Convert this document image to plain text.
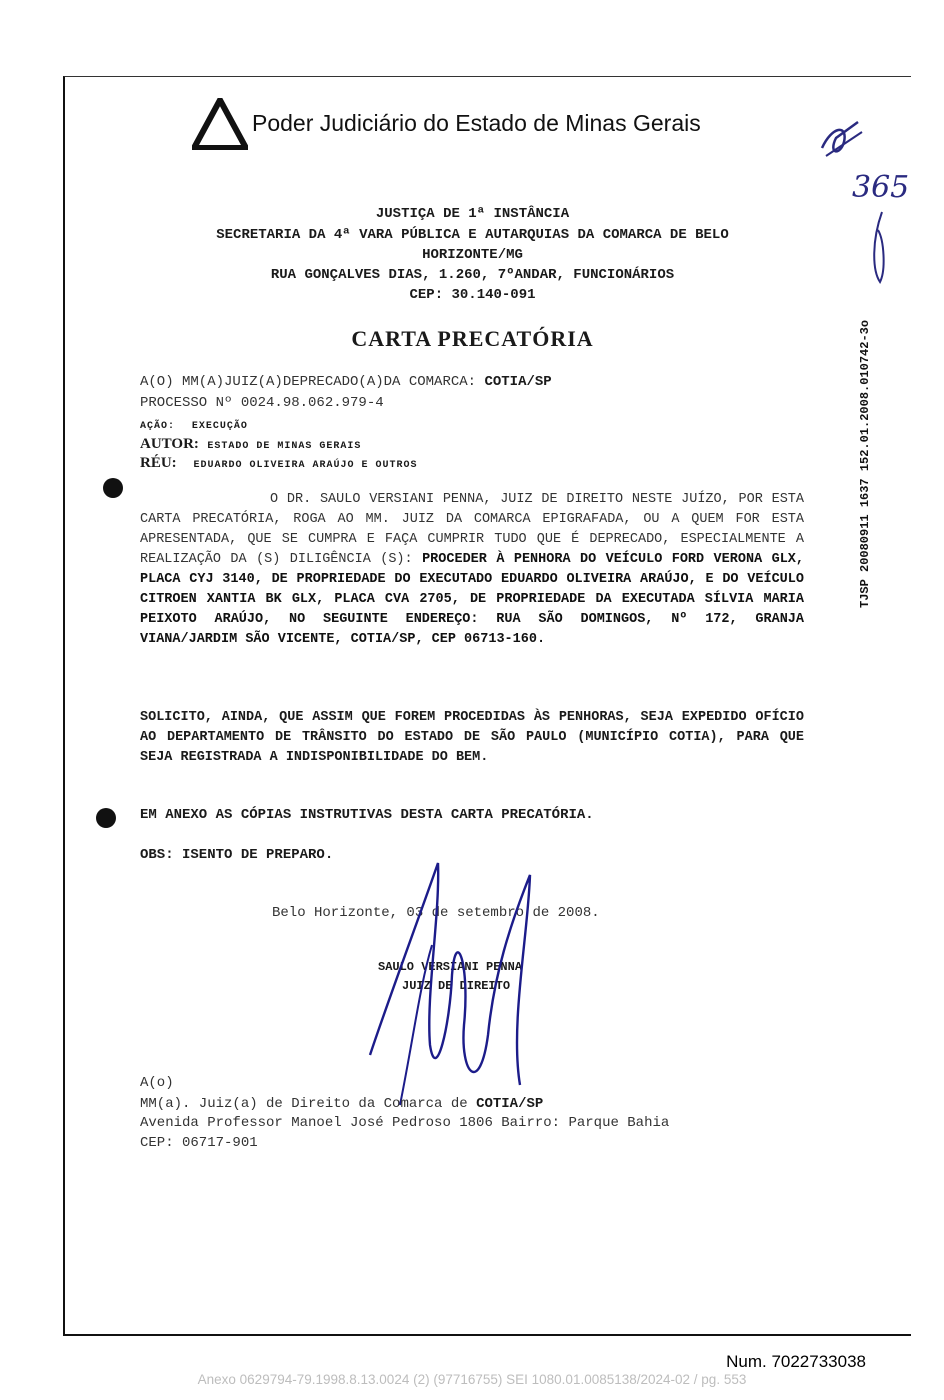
Poder Judiciário do Estado de Minas Gerais
365
JUSTIÇA DE 1ª INSTÂNCIA
SECRETARIA DA 4ª VARA PÚBLICA E AUTARQUIAS DA COMARCA DE BELO
HORIZONTE/MG
RUA GONÇALVES DIAS, 1.260, 7ºANDAR, FUNCIONÁRIOS
CEP: 30.140-091
CARTA PRECATÓRIA
A(O) MM(A)JUIZ(A)DEPRECADO(A)DA COMARCA: COTIA/SP
PROCESSO Nº 0024.98.062.979-4
AÇÃO: EXECUÇÃO
AUTOR: ESTADO DE MINAS GERAIS
RÉU: EDUARDO OLIVEIRA ARAÚJO E OUTROS
O DR. SAULO VERSIANI PENNA, JUIZ DE DIREITO NESTE JUÍZO, POR ESTA CARTA PRECATÓRIA, ROGA AO MM. JUIZ DA COMARCA EPIGRAFADA, OU A QUEM FOR ESTA APRESENTADA, QUE SE CUMPRA E FAÇA CUMPRIR TUDO QUE É DEPRECADO, ESPECIALMENTE A REALIZAÇÃO DA (S) DILIGÊNCIA (S): PROCEDER À PENHORA DO VEÍCULO FORD VERONA GLX, PLACA CYJ 3140, DE PROPRIEDADE DO EXECUTADO EDUARDO OLIVEIRA ARAÚJO, E DO VEÍCULO CITROEN XANTIA BK GLX, PLACA CVA 2705, DE PROPRIEDADE DA EXECUTADA SÍLVIA MARIA PEIXOTO ARAÚJO, NO SEGUINTE ENDEREÇO: RUA SÃO DOMINGOS, Nº 172, GRANJA VIANA/JARDIM SÃO VICENTE, COTIA/SP, CEP 06713-160.
SOLICITO, AINDA, QUE ASSIM QUE FOREM PROCEDIDAS ÀS PENHORAS, SEJA EXPEDIDO OFÍCIO AO DEPARTAMENTO DE TRÂNSITO DO ESTADO DE SÃO PAULO (MUNICÍPIO COTIA), PARA QUE SEJA REGISTRADA A INDISPONIBILIDADE DO BEM.
EM ANEXO AS CÓPIAS INSTRUTIVAS DESTA CARTA PRECATÓRIA.
OBS: ISENTO DE PREPARO.
Belo Horizonte, 03 de setembro de 2008.
SAULO VERSIANI PENNA
JUIZ DE DIREITO
A(o)
MM(a). Juiz(a) de Direito da Comarca de COTIA/SP
Avenida Professor Manoel José Pedroso 1806 Bairro: Parque Bahia
CEP: 06717-901
TJSP 20080911 1637 152.01.2008.010742-3o
Num. 7022733038
Anexo 0629794-79.1998.8.13.0024 (2) (97716755) SEI 1080.01.0085138/2024-02 / pg. 553
